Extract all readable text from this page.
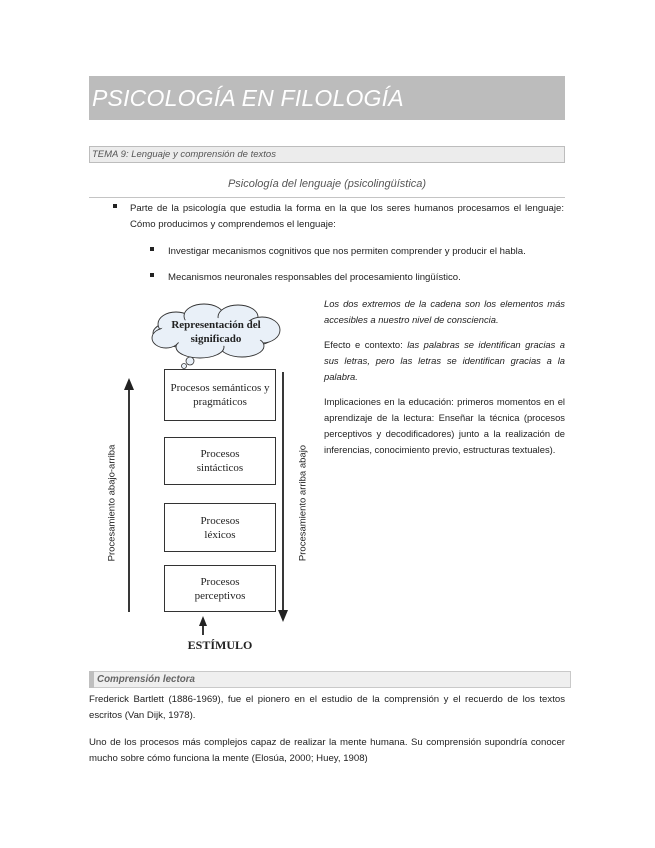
PSICOLOGÍA EN FILOLOGÍA
TEMA 9: Lenguaje y comprensión de textos
Psicología del lenguaje (psicolingüística)
Parte de la psicología que estudia la forma en la que los seres humanos procesamos el lenguaje: Cómo producimos y comprendemos el lenguaje:
Investigar mecanismos cognitivos que nos permiten comprender y producir el habla.
Mecanismos neuronales responsables del procesamiento lingüístico.
Representación del significado
Procesos semánticos y pragmáticos
Procesos sintácticos
Procesos léxicos
Procesos perceptivos
ESTÍMULO
Procesamiento abajo-arriba	Procesamiento arriba abajo
Los dos extremos de la cadena son los elementos más accesibles a nuestro nivel de consciencia.
Efecto e contexto: las palabras se identifican gracias a sus letras, pero las letras se identifican gracias a la palabra.
Implicaciones en la educación: primeros momentos en el aprendizaje de la lectura: Enseñar la técnica (procesos perceptivos y decodificadores) junto a la realización de inferencias, conocimiento previo, estructuras textuales).
Comprensión lectora
Frederick Bartlett (1886-1969), fue el pionero en el estudio de la comprensión y el recuerdo de los textos escritos (Van Dijk, 1978).
Uno de los procesos más complejos capaz de realizar la mente humana. Su comprensión supondría conocer mucho sobre cómo funciona la mente (Elosúa, 2000; Huey, 1908)
